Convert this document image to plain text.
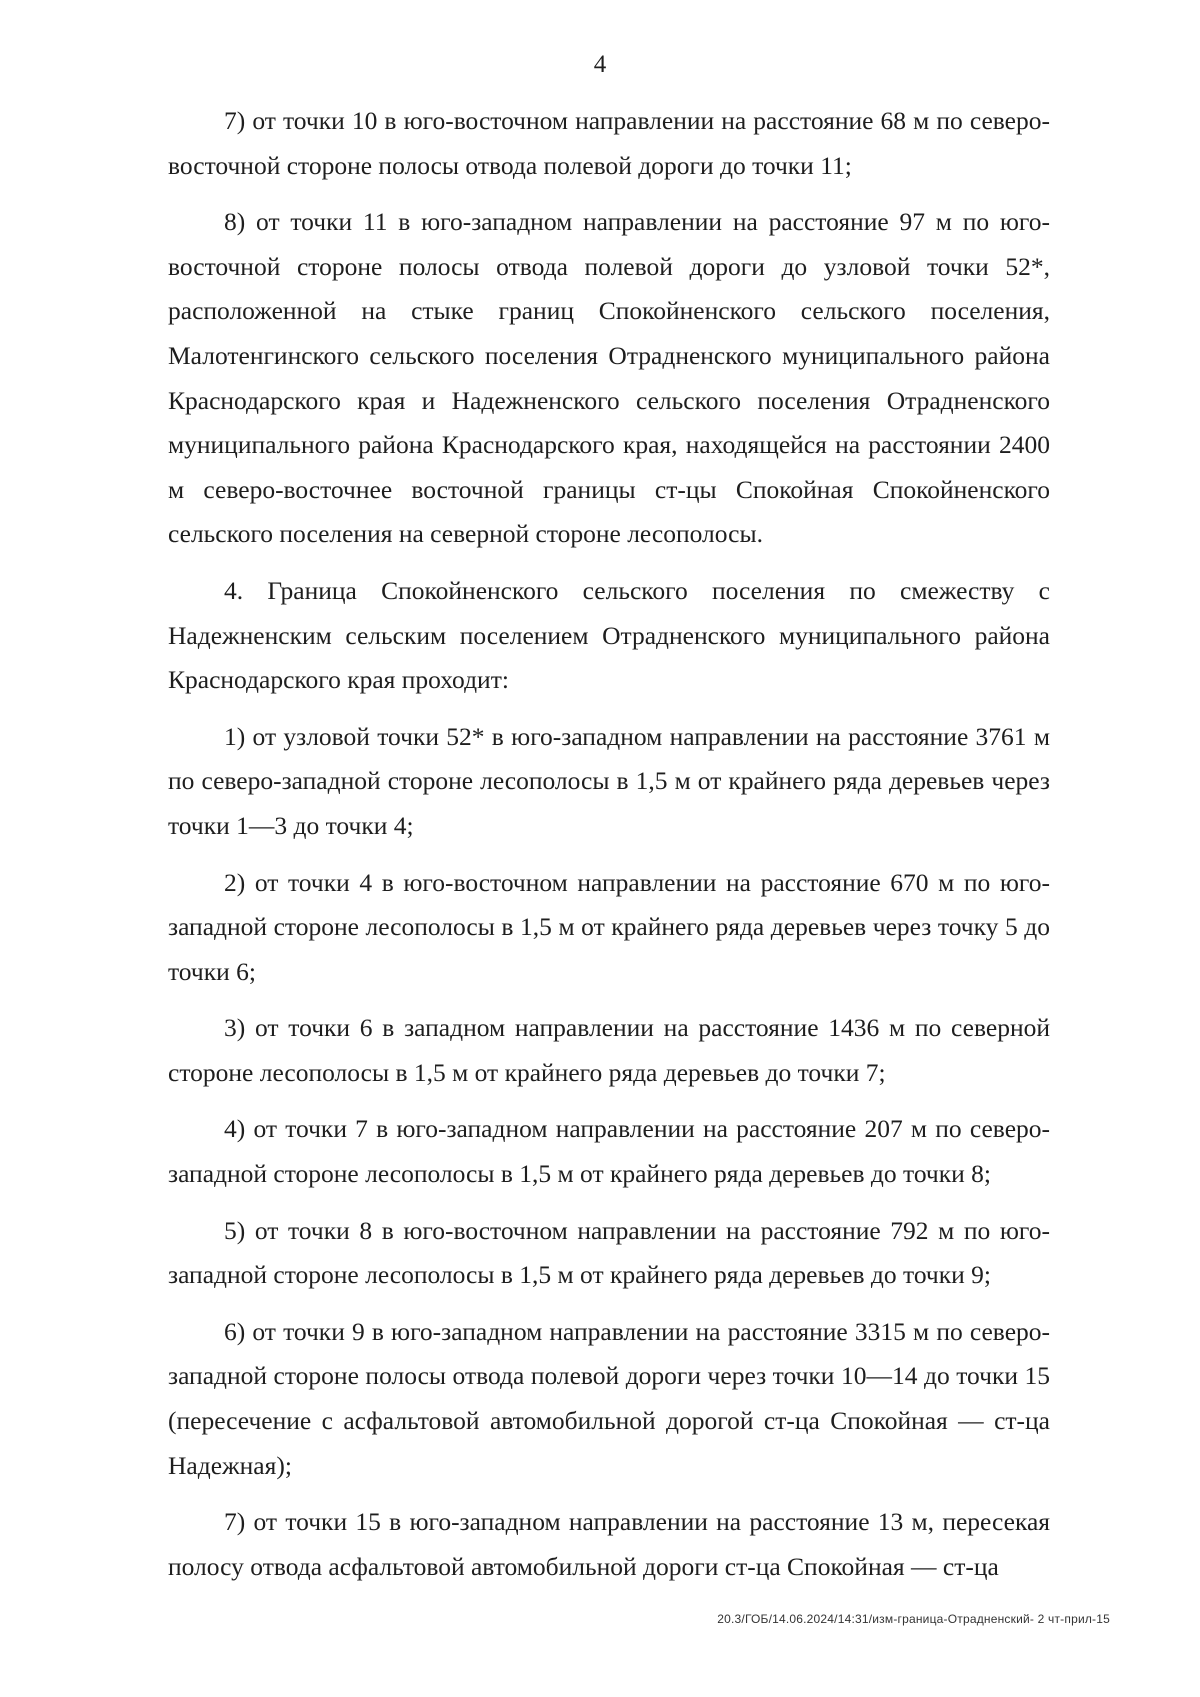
4

7) от точки 10 в юго-восточном направлении на расстояние 68 м по северо-восточной стороне полосы отвода полевой дороги до точки 11;

8) от точки 11 в юго-западном направлении на расстояние 97 м по юго-восточной стороне полосы отвода полевой дороги до узловой точки 52*, расположенной на стыке границ Спокойненского сельского поселения, Малотенгинского сельского поселения Отрадненского муниципального района Краснодарского края и Надежненского сельского поселения Отрадненского муниципального района Краснодарского края, находящейся на расстоянии 2400 м северо-восточнее восточной границы ст-цы Спокойная Спокойненского сельского поселения на северной стороне лесополосы.

4. Граница Спокойненского сельского поселения по смежеству с Надежненским сельским поселением Отрадненского муниципального района Краснодарского края проходит:

1) от узловой точки 52* в юго-западном направлении на расстояние 3761 м по северо-западной стороне лесополосы в 1,5 м от крайнего ряда деревьев через точки 1—3 до точки 4;

2) от точки 4 в юго-восточном направлении на расстояние 670 м по юго-западной стороне лесополосы в 1,5 м от крайнего ряда деревьев через точку 5 до точки 6;

3) от точки 6 в западном направлении на расстояние 1436 м по северной стороне лесополосы в 1,5 м от крайнего ряда деревьев до точки 7;

4) от точки 7 в юго-западном направлении на расстояние 207 м по северо-западной стороне лесополосы в 1,5 м от крайнего ряда деревьев до точки 8;

5) от точки 8 в юго-восточном направлении на расстояние 792 м по юго-западной стороне лесополосы в 1,5 м от крайнего ряда деревьев до точки 9;

6) от точки 9 в юго-западном направлении на расстояние 3315 м по северо-западной стороне полосы отвода полевой дороги через точки 10—14 до точки 15 (пересечение с асфальтовой автомобильной дорогой ст-ца Спокойная — ст-ца Надежная);

7) от точки 15 в юго-западном направлении на расстояние 13 м, пересекая полосу отвода асфальтовой автомобильной дороги ст-ца Спокойная — ст-ца

20.3/ГОБ/14.06.2024/14:31/изм-граница-Отрадненский- 2 чт-прил-15
